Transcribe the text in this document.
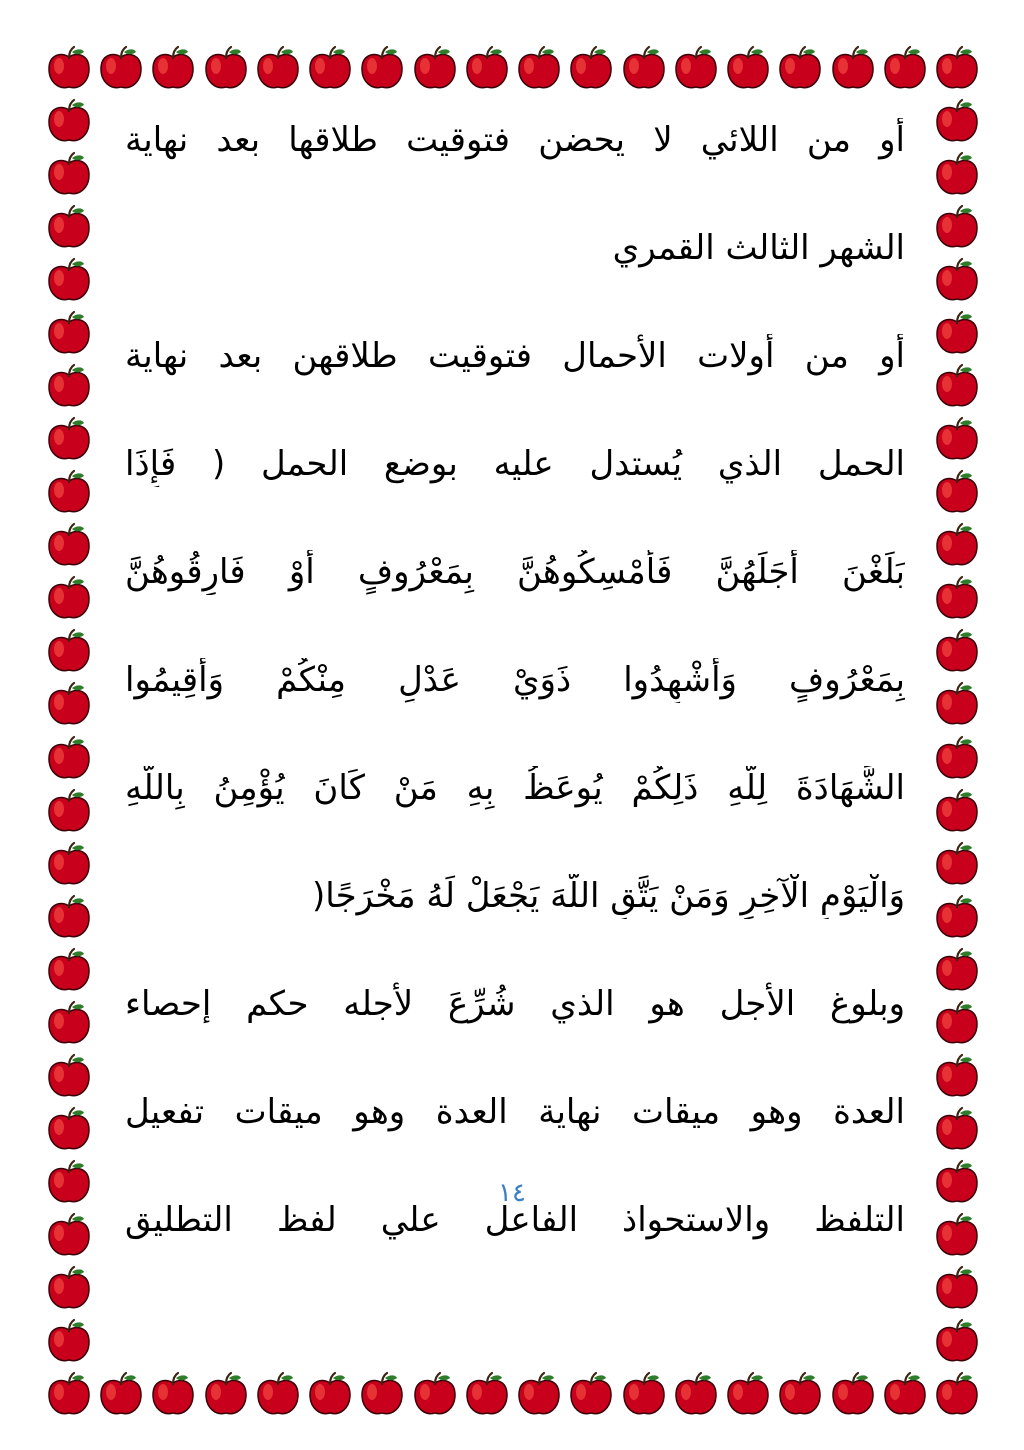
أو من اللائي لا يحضن فتوقيت طلاقها بعد نهاية
الشهر الثالث القمري
أو من أولات الأحمال فتوقيت طلاقهن بعد نهاية
الحمل الذي يُستدل عليه بوضع الحمل ( فَإِذَا
بَلَغْنَ أَجَلَهُنَّ فَأَمْسِكُوهُنَّ بِمَعْرُوفٍ أَوْ فَارِقُوهُنَّ
بِمَعْرُوفٍ وَأَشْهِدُوا ذَوَيْ عَدْلٍ مِنْكُمْ وَأَقِيمُوا
الشَّهَادَةَ لِلَّهِ ذَلِكُمْ يُوعَظُ بِهِ مَنْ كَانَ يُؤْمِنُ بِاللَّهِ
وَالْيَوْمِ الْآخِرِ وَمَنْ يَتَّقِ اللَّهَ يَجْعَلْ لَهُ مَخْرَجًا(
وبلوغ الأجل هو الذي شُرِّعَ لأجله حكم إحصاء
العدة وهو ميقات نهاية العدة وهو ميقات تفعيل
التلفظ والاستحواذ الفاعل علي لفظ التطليق
١٤
